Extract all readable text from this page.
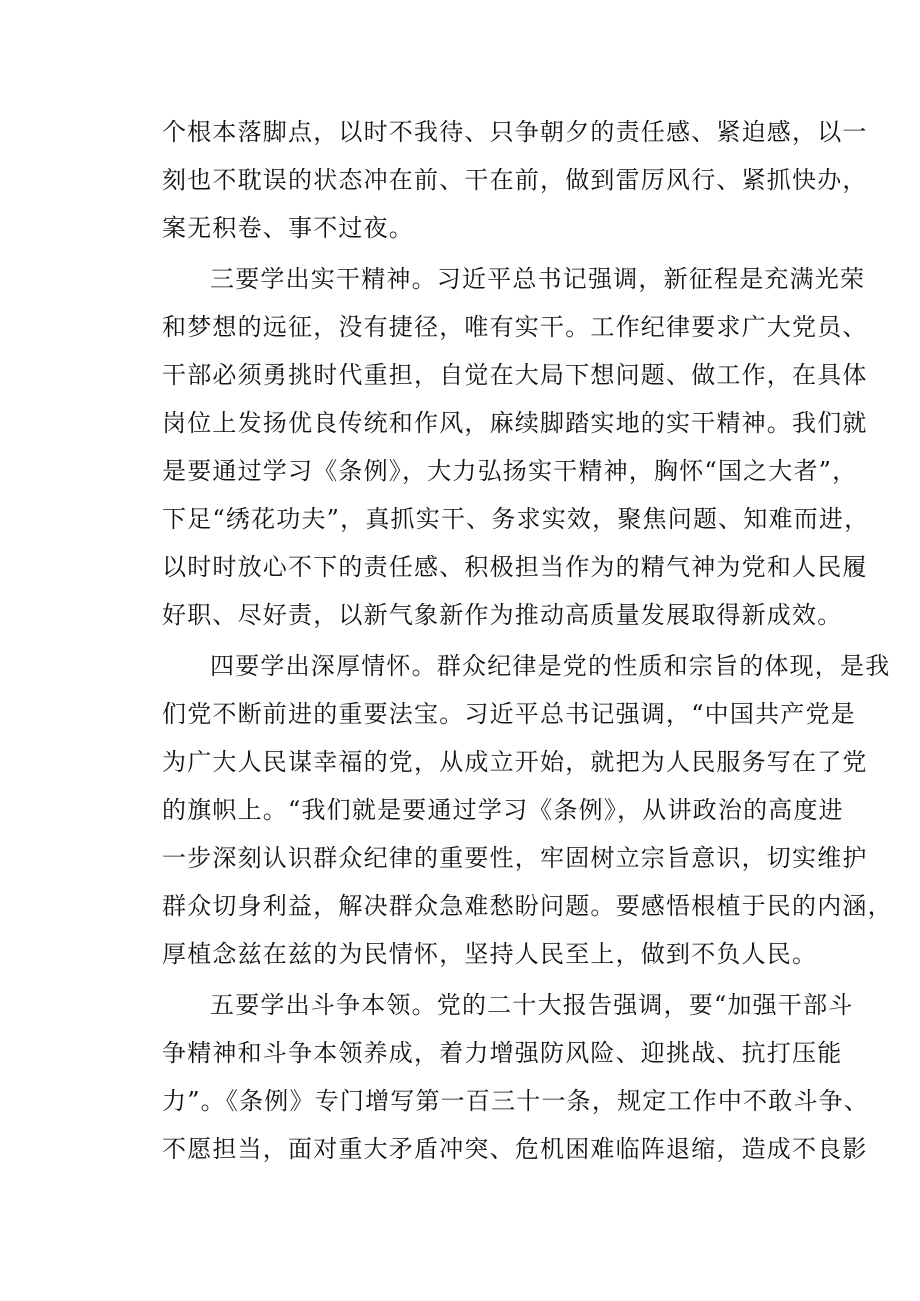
个根本落脚点，以时不我待、只争朝夕的责任感、紧迫感，以一
刻也不耽误的状态冲在前、干在前，做到雷厉风行、紧抓快办，
案无积卷、事不过夜。
三要学出实干精神。习近平总书记强调，新征程是充满光荣
和梦想的远征，没有捷径，唯有实干。工作纪律要求广大党员、
干部必须勇挑时代重担，自觉在大局下想问题、做工作，在具体
岗位上发扬优良传统和作风，麻续脚踏实地的实干精神。我们就
是要通过学习《条例》，大力弘扬实干精神，胸怀“国之大者”，
下足“绣花功夫”，真抓实干、务求实效，聚焦问题、知难而进，
以时时放心不下的责任感、积极担当作为的精气神为党和人民履
好职、尽好责，以新气象新作为推动高质量发展取得新成效。
四要学出深厚情怀。群众纪律是党的性质和宗旨的体现，是我
们党不断前进的重要法宝。习近平总书记强调，“中国共产党是
为广大人民谋幸福的党，从成立开始，就把为人民服务写在了党
的旗帜上。“我们就是要通过学习《条例》，从讲政治的高度进
一步深刻认识群众纪律的重要性，牢固树立宗旨意识，切实维护
群众切身利益，解决群众急难愁盼问题。要感悟根植于民的内涵，
厚植念兹在兹的为民情怀，坚持人民至上，做到不负人民。
五要学出斗争本领。党的二十大报告强调，要“加强干部斗
争精神和斗争本领养成，着力增强防风险、迎挑战、抗打压能
力”。《条例》专门增写第一百三十一条，规定工作中不敢斗争、
不愿担当，面对重大矛盾冲突、危机困难临阵退缩，造成不良影
